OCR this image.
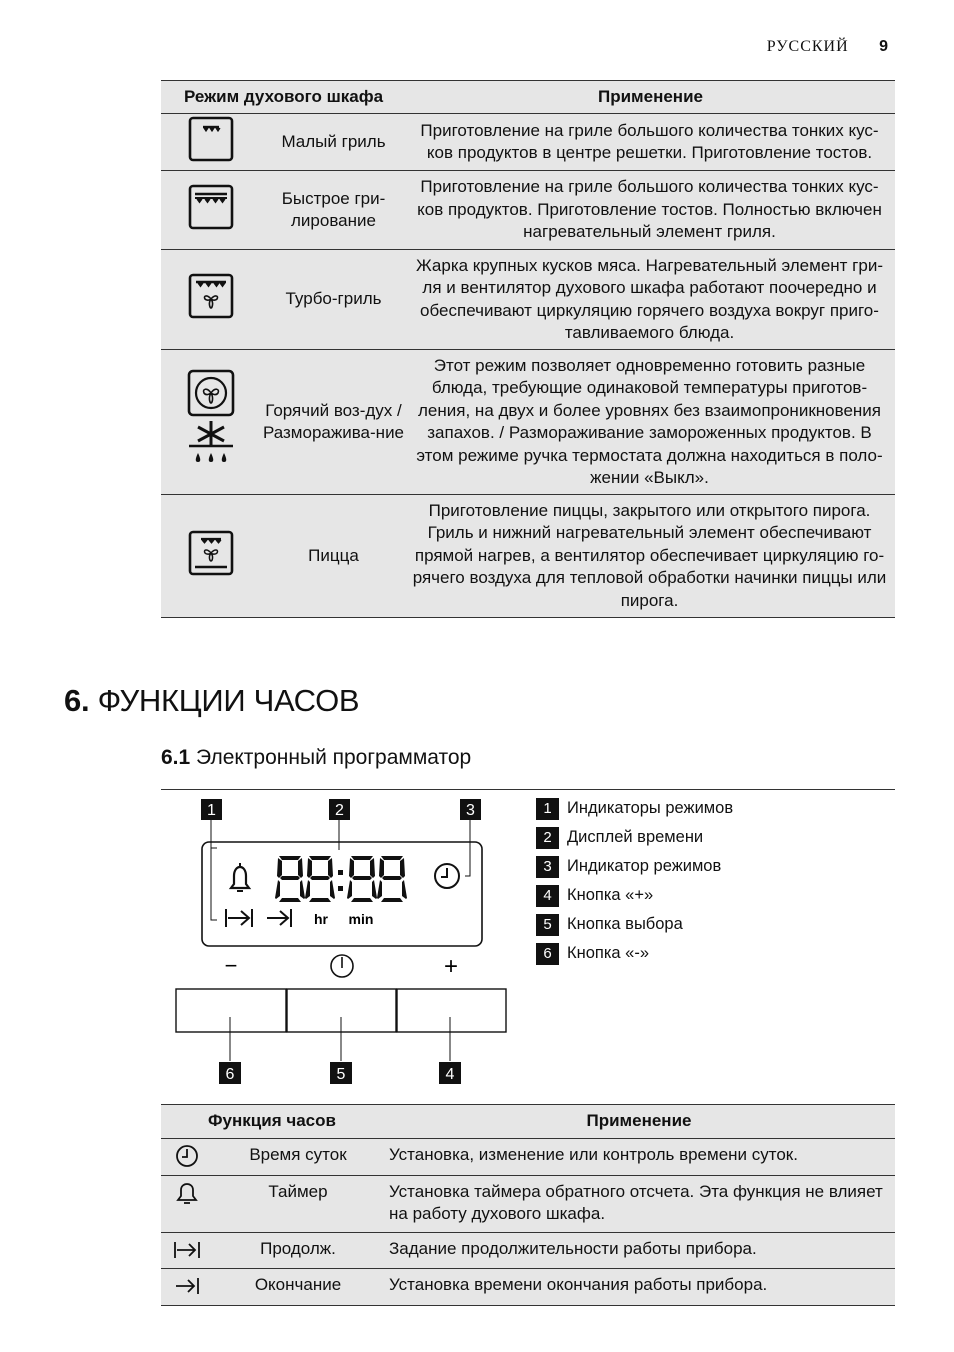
РУССКИЙ 9
Режим духового шкафа		Применение
	Малый гриль	Приготовление на гриле большого количества тонких кус-ков продуктов в центре решетки. Приготовление тостов.
	Быстрое гри-лирование	Приготовление на гриле большого количества тонких кус-ков продуктов. Приготовление тостов. Полностью включен нагревательный элемент гриля.
	Турбо-гриль	Жарка крупных кусков мяса. Нагревательный элемент гри-ля и вентилятор духового шкафа работают поочередно и обеспечивают циркуляцию горячего воздуха вокруг приго-тавливаемого блюда.
	Горячий воз-дух / Разморажива-ние	Этот режим позволяет одновременно готовить разные блюда, требующие одинаковой температуры приготов-ления, на двух и более уровнях без взаимопроникновения запахов. / Размораживание замороженных продуктов. В этом режиме ручка термостата должна находиться в поло-жении «Выкл».
	Пицца	Приготовление пиццы, закрытого или открытого пирога. Гриль и нижний нагревательный элемент обеспечивают прямой нагрев, а вентилятор обеспечивает циркуляцию го-рячего воздуха для тепловой обработки начинки пиццы или пирога.
6. ФУНКЦИИ ЧАСОВ
6.1 Электронный программатор
1	2	3
hr min
−	+
6	5	4
1 Индикаторы режимов
2 Дисплей времени
3 Индикатор режимов
4 Кнопка «+»
5 Кнопка выбора
6 Кнопка «-»
Функция часов		Применение
	Время суток	Установка, изменение или контроль времени суток.
	Таймер	Установка таймера обратного отсчета. Эта функция не влияет на работу духового шкафа.
	Продолж.	Задание продолжительности работы прибора.
	Окончание	Установка времени окончания работы прибора.
